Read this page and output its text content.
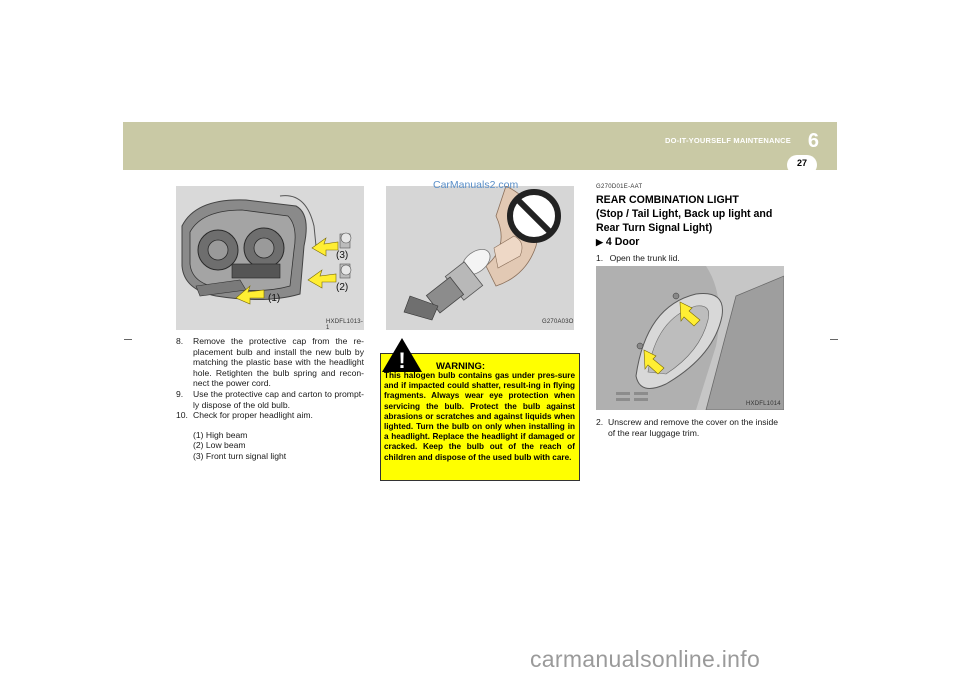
DO-IT-YOURSELF MAINTENANCE 6
27
(1)
(2)
(3)
HXDFL1013-1

8. Remove the protective cap from the re-placement bulb and install the new bulb by matching the plastic base with the headlight hole. Retighten the bulb spring and recon-nect the power cord.

9. Use the protective cap and carton to prompt-ly dispose of the old bulb.

10. Check for proper headlight aim.

(1) High beam
(2) Low beam
(3) Front turn signal light
G270A03O
CarManuals2.com
!	WARNING:
This halogen bulb contains gas under pres-sure and if impacted could shatter, result-ing in flying fragments. Always wear eye protection when servicing the bulb. Protect the bulb against abrasions or scratches and against liquids when lighted. Turn the bulb on only when installing in a headlight. Replace the headlight if damaged or cracked. Keep the bulb out of the reach of children and dispose of the used bulb with care.
G270D01E-AAT
REAR COMBINATION LIGHT
(Stop / Tail Light, Back up light and Rear Turn Signal Light)
▶ 4 Door
1. Open the trunk lid.
HXDFL1014
2. Unscrew and remove the cover on the inside of the rear luggage trim.
carmanualsonline.info
